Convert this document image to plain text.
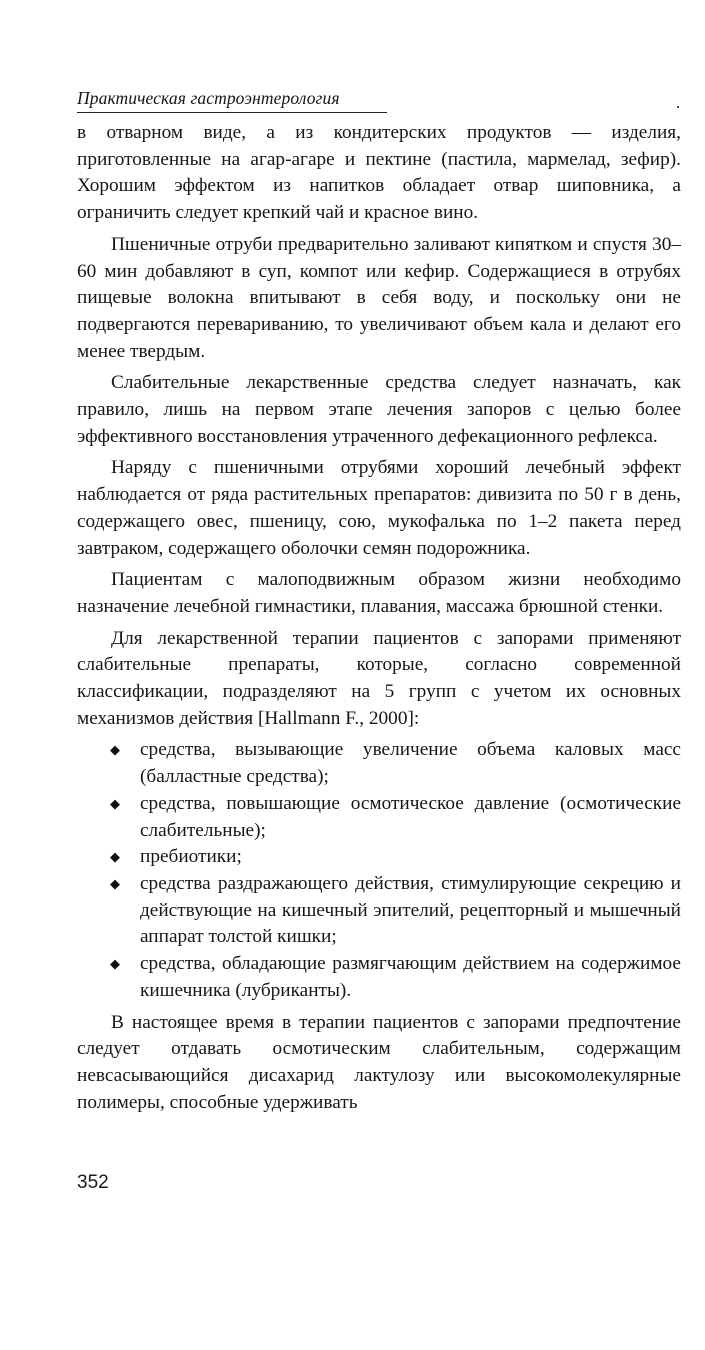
Практическая гастроэнтерология

в отварном виде, а из кондитерских продуктов — изделия, приготовленные на агар-агаре и пектине (пастила, мармелад, зефир). Хорошим эффектом из напитков обладает отвар шиповника, а ограничить следует крепкий чай и красное вино.

Пшеничные отруби предварительно заливают кипятком и спустя 30–60 мин добавляют в суп, компот или кефир. Содержащиеся в отрубях пищевые волокна впитывают в себя воду, и поскольку они не подвергаются перевариванию, то увеличивают объем кала и делают его менее твердым.

Слабительные лекарственные средства следует назначать, как правило, лишь на первом этапе лечения запоров с целью более эффективного восстановления утраченного дефекационного рефлекса.

Наряду с пшеничными отрубями хороший лечебный эффект наблюдается от ряда растительных препаратов: дивизита по 50 г в день, содержащего овес, пшеницу, сою, мукофалька по 1–2 пакета перед завтраком, содержащего оболочки семян подорожника.

Пациентам с малоподвижным образом жизни необходимо назначение лечебной гимнастики, плавания, массажа брюшной стенки.

Для лекарственной терапии пациентов с запорами применяют слабительные препараты, которые, согласно современной классификации, подразделяют на 5 групп с учетом их основных механизмов действия [Hallmann F., 2000]:

◆ средства, вызывающие увеличение объема каловых масс (балластные средства);
◆ средства, повышающие осмотическое давление (осмотические слабительные);
◆ пребиотики;
◆ средства раздражающего действия, стимулирующие секрецию и действующие на кишечный эпителий, рецепторный и мышечный аппарат толстой кишки;
◆ средства, обладающие размягчающим действием на содержимое кишечника (лубриканты).

В настоящее время в терапии пациентов с запорами предпочтение следует отдавать осмотическим слабительным, содержащим невсасывающийся дисахарид лактулозу или высокомолекулярные полимеры, способные удерживать

352
